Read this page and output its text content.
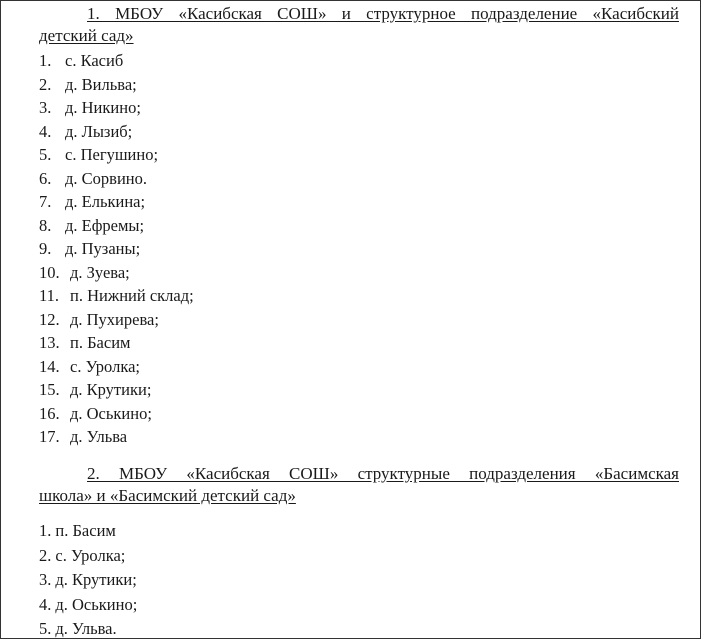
1. МБОУ «Касибская СОШ» и структурное подразделение «Касибский
детский сад»
1. с. Касиб
2. д. Вильва;
3. д. Никино;
4. д. Лызиб;
5. с. Пегушино;
6. д. Сорвино.
7. д. Елькина;
8. д. Ефремы;
9. д. Пузаны;
10. д. Зуева;
11. п. Нижний склад;
12. д. Пухирева;
13. п. Басим
14. с. Уролка;
15. д. Крутики;
16. д. Оськино;
17. д. Ульва
2. МБОУ «Касибская СОШ» структурные подразделения «Басимская
школа» и «Басимский детский сад»
1. п. Басим
2. с. Уролка;
3. д. Крутики;
4. д. Оськино;
5. д. Ульва.
